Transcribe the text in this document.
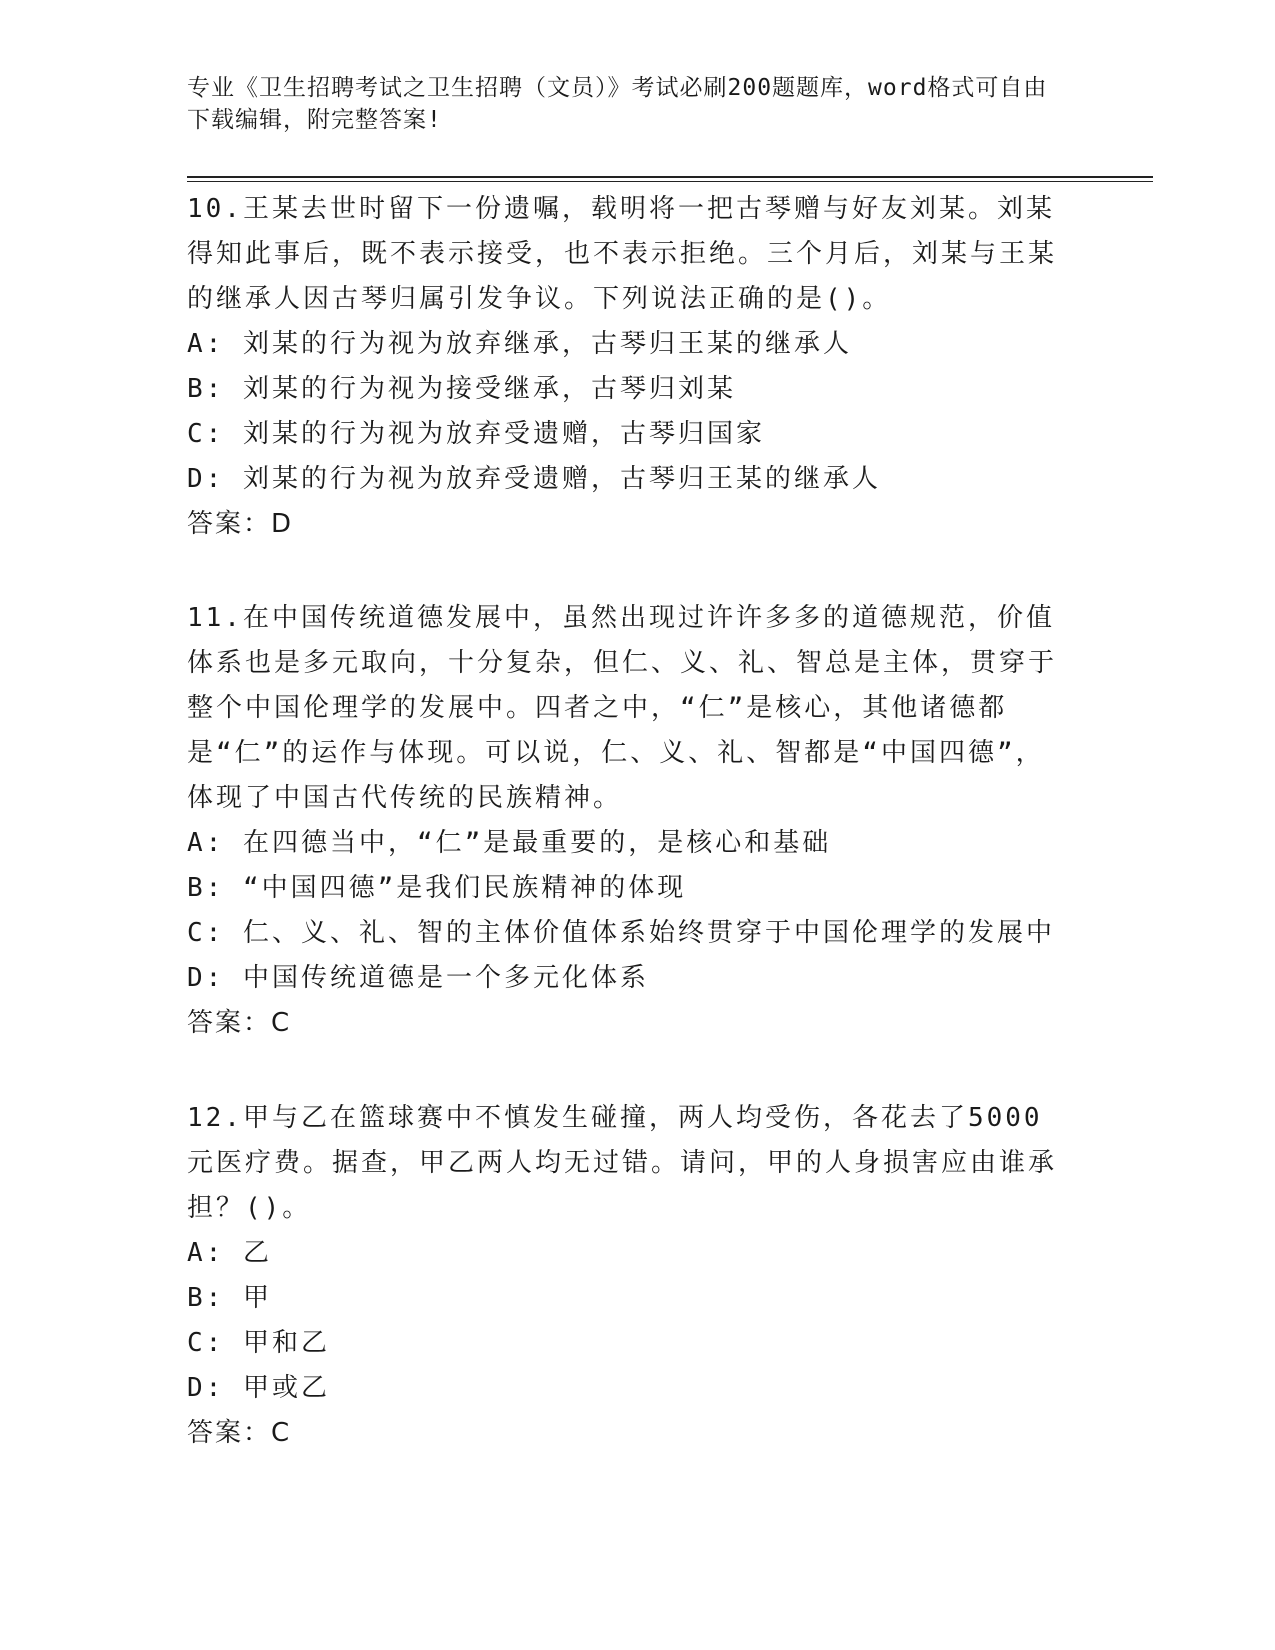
专业《卫生招聘考试之卫生招聘（文员）》考试必刷200题题库，word格式可自由下载编辑，附完整答案!
10.王某去世时留下一份遗嘱，载明将一把古琴赠与好友刘某。刘某得知此事后，既不表示接受，也不表示拒绝。三个月后，刘某与王某的继承人因古琴归属引发争议。下列说法正确的是()。
A: 刘某的行为视为放弃继承，古琴归王某的继承人
B: 刘某的行为视为接受继承，古琴归刘某
C: 刘某的行为视为放弃受遗赠，古琴归国家
D: 刘某的行为视为放弃受遗赠，古琴归王某的继承人
答案：D
11.在中国传统道德发展中，虽然出现过许许多多的道德规范，价值体系也是多元取向，十分复杂，但仁、义、礼、智总是主体，贯穿于整个中国伦理学的发展中。四者之中，“仁”是核心，其他诸德都是“仁”的运作与体现。可以说，仁、义、礼、智都是“中国四德”，体现了中国古代传统的民族精神。
A: 在四德当中，“仁”是最重要的，是核心和基础
B: “中国四德”是我们民族精神的体现
C: 仁、义、礼、智的主体价值体系始终贯穿于中国伦理学的发展中
D: 中国传统道德是一个多元化体系
答案：C
12.甲与乙在篮球赛中不慎发生碰撞，两人均受伤，各花去了5000元医疗费。据查，甲乙两人均无过错。请问，甲的人身损害应由谁承担？()。
A: 乙
B: 甲
C: 甲和乙
D: 甲或乙
答案：C
